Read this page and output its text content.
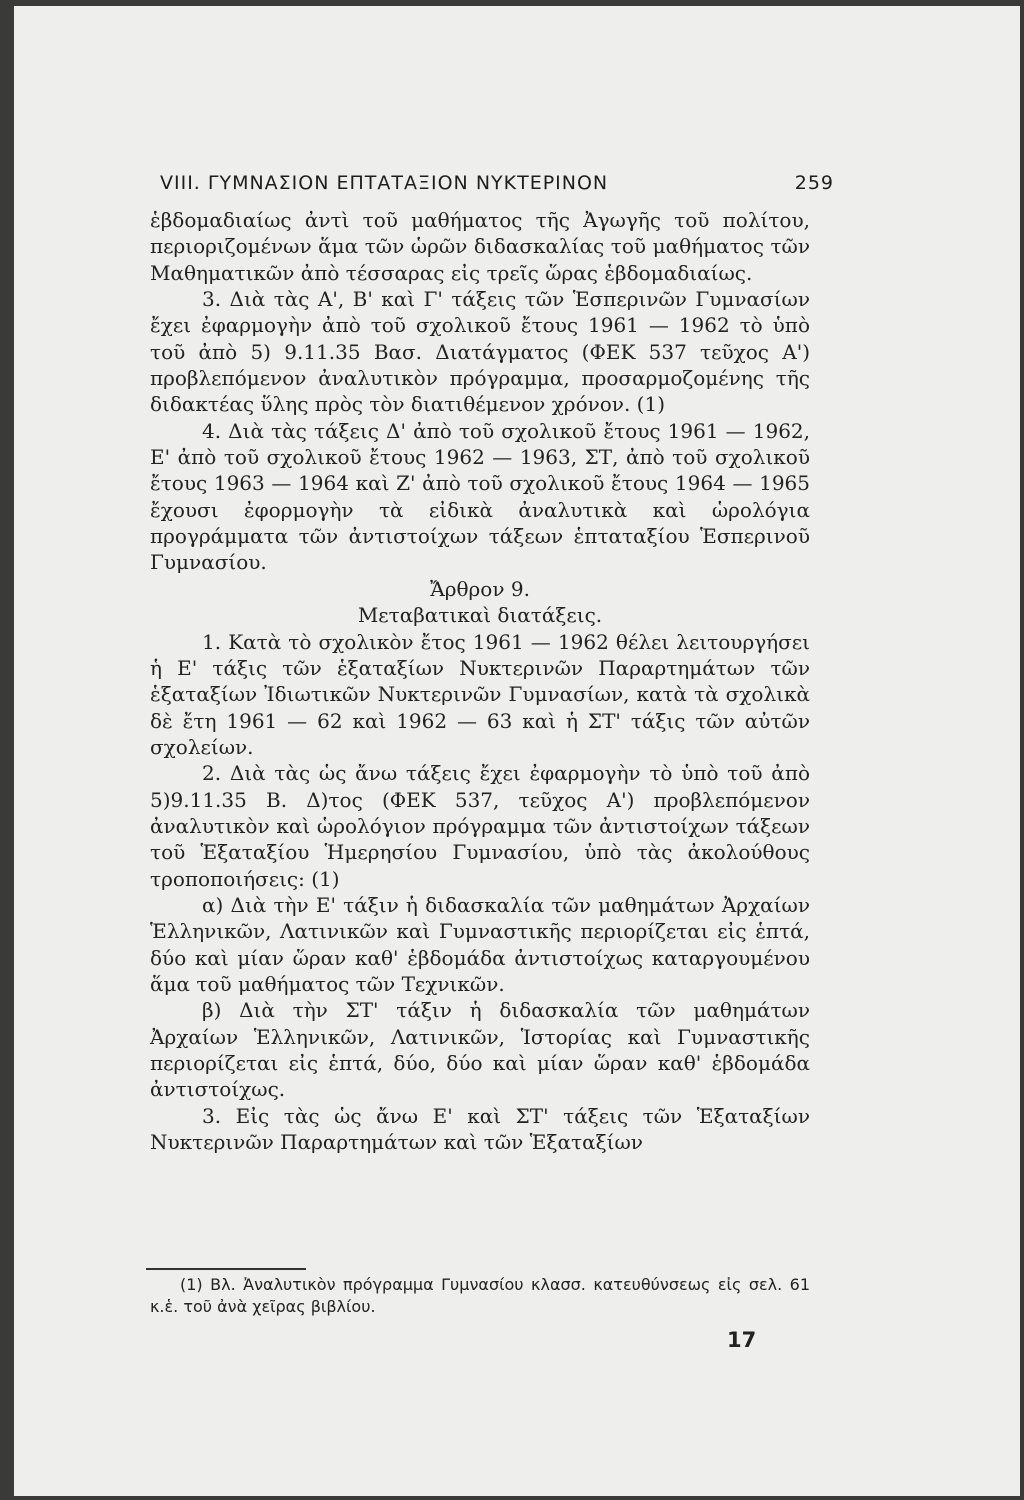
VIII. ΓΥΜΝΑΣΙΟΝ ΕΠΤΑΤΑΞΙΟΝ ΝΥΚΤΕΡΙΝΟΝ	259

ἑβδομαδιαίως ἀντὶ τοῦ μαθήματος τῆς Ἀγωγῆς τοῦ πολίτου, περιοριζομένων ἅμα τῶν ὡρῶν διδασκαλίας τοῦ μαθήματος τῶν Μαθηματικῶν ἀπὸ τέσσαρας εἰς τρεῖς ὥρας ἑβδομαδιαίως.

3. Διὰ τὰς Α', Β' καὶ Γ' τάξεις τῶν Ἑσπερινῶν Γυμνασίων ἔχει ἐφαρμογὴν ἀπὸ τοῦ σχολικοῦ ἔτους 1961 — 1962 τὸ ὑπὸ τοῦ ἀπὸ 5) 9.11.35 Βασ. Διατάγματος (ΦΕΚ 537 τεῦχος Α') προβλεπόμενον ἀναλυτικὸν πρόγραμμα, προσαρμοζομένης τῆς διδακτέας ὕλης πρὸς τὸν διατιθέμενον χρόνον. (1)

4. Διὰ τὰς τάξεις Δ' ἀπὸ τοῦ σχολικοῦ ἔτους 1961 — 1962, Ε' ἀπὸ τοῦ σχολικοῦ ἔτους 1962 — 1963, ΣΤ, ἀπὸ τοῦ σχολικοῦ ἔτους 1963 — 1964 καὶ Ζ' ἀπὸ τοῦ σχολικοῦ ἔτους 1964 — 1965 ἔχουσι ἐφορμογὴν τὰ εἰδικὰ ἀναλυτικὰ καὶ ὡρολόγια προγράμματα τῶν ἀντιστοίχων τάξεων ἑπταταξίου Ἑσπερινοῦ Γυμνασίου.

Ἄρθρον 9.

Μεταβατικαὶ διατάξεις.

1. Κατὰ τὸ σχολικὸν ἔτος 1961 — 1962 θέλει λειτουργήσει ἡ Ε' τάξις τῶν ἑξαταξίων Νυκτερινῶν Παραρτημάτων τῶν ἑξαταξίων Ἰδιωτικῶν Νυκτερινῶν Γυμνασίων, κατὰ τὰ σχολικὰ δὲ ἔτη 1961 — 62 καὶ 1962 — 63 καὶ ἡ ΣΤ' τάξις τῶν αὐτῶν σχολείων.

2. Διὰ τὰς ὡς ἄνω τάξεις ἔχει ἐφαρμογὴν τὸ ὑπὸ τοῦ ἀπὸ 5)9.11.35 Β. Δ)τος (ΦΕΚ 537, τεῦχος Α') προβλεπόμενον ἀναλυτικὸν καὶ ὡρολόγιον πρόγραμμα τῶν ἀντιστοίχων τάξεων τοῦ Ἑξαταξίου Ἡμερησίου Γυμνασίου, ὑπὸ τὰς ἀκολούθους τροποποιήσεις: (1)

α) Διὰ τὴν Ε' τάξιν ἡ διδασκαλία τῶν μαθημάτων Ἀρχαίων Ἑλληνικῶν, Λατινικῶν καὶ Γυμναστικῆς περιορίζεται εἰς ἑπτά, δύο καὶ μίαν ὥραν καθ' ἑβδομάδα ἀντιστοίχως καταργουμένου ἅμα τοῦ μαθήματος τῶν Τεχνικῶν.

β) Διὰ τὴν ΣΤ' τάξιν ἡ διδασκαλία τῶν μαθημάτων Ἀρχαίων Ἑλληνικῶν, Λατινικῶν, Ἱστορίας καὶ Γυμναστικῆς περιορίζεται εἰς ἑπτά, δύο, δύο καὶ μίαν ὥραν καθ' ἑβδομάδα ἀντιστοίχως.

3. Εἰς τὰς ὡς ἄνω Ε' καὶ ΣΤ' τάξεις τῶν Ἑξαταξίων Νυκτερινῶν Παραρτημάτων καὶ τῶν Ἑξαταξίων

(1) Βλ. Ἀναλυτικὸν πρόγραμμα Γυμνασίου κλασσ. κατευθύνσεως εἰς σελ. 61 κ.ἑ. τοῦ ἀνὰ χεῖρας βιβλίου.
17
